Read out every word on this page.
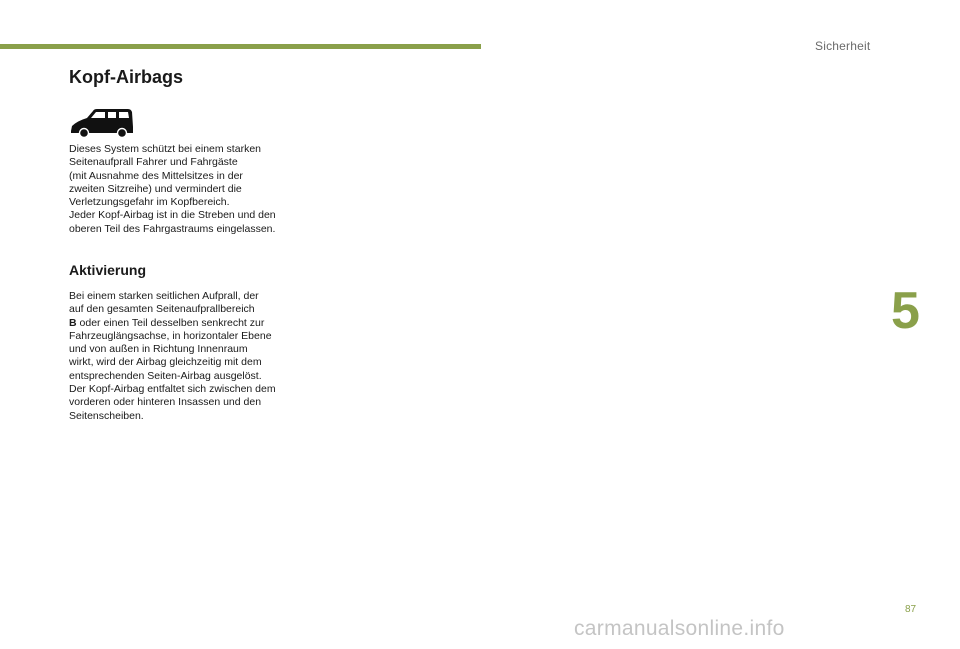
Sicherheit
Kopf-Airbags
Dieses System schützt bei einem starken
Seitenaufprall Fahrer und Fahrgäste
(mit Ausnahme des Mittelsitzes in der
zweiten Sitzreihe) und vermindert die
Verletzungsgefahr im Kopfbereich.
Jeder Kopf-Airbag ist in die Streben und den
oberen Teil des Fahrgastraums eingelassen.
Aktivierung
Bei einem starken seitlichen Aufprall, der
auf den gesamten Seitenaufprallbereich
B oder einen Teil desselben senkrecht zur
Fahrzeuglängsachse, in horizontaler Ebene
und von außen in Richtung Innenraum
wirkt, wird der Airbag gleichzeitig mit dem
entsprechenden Seiten-Airbag ausgelöst.
Der Kopf-Airbag entfaltet sich zwischen dem
vorderen oder hinteren Insassen und den
Seitenscheiben.
5
87
carmanualsonline.info
